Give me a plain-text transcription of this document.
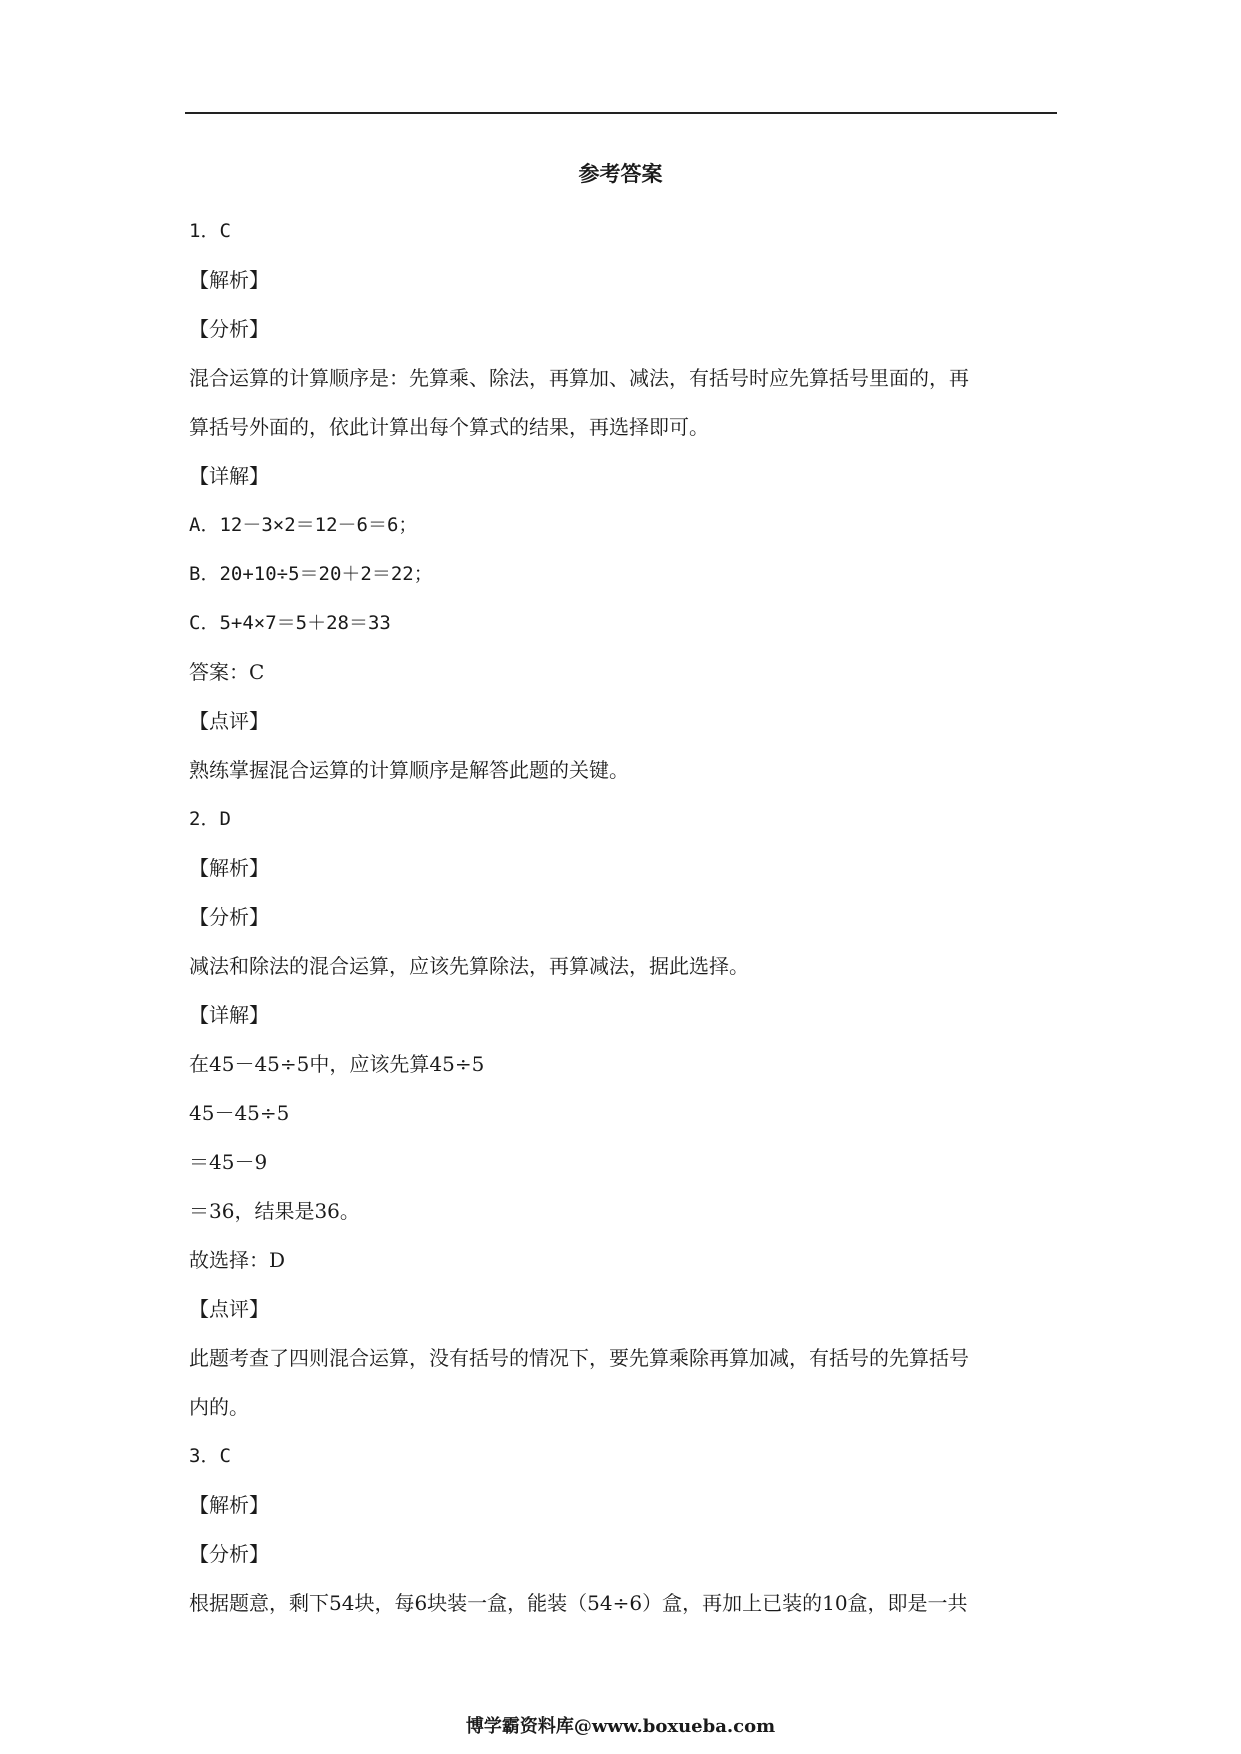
参考答案
1．C
【解析】
【分析】
混合运算的计算顺序是：先算乘、除法，再算加、减法，有括号时应先算括号里面的，再
算括号外面的，依此计算出每个算式的结果，再选择即可。
【详解】
A．12－3×2＝12－6＝6；
B．20+10÷5＝20＋2＝22；
C．5+4×7＝5＋28＝33
答案：C
【点评】
熟练掌握混合运算的计算顺序是解答此题的关键。
2．D
【解析】
【分析】
减法和除法的混合运算，应该先算除法，再算减法，据此选择。
【详解】
在45－45÷5中，应该先算45÷5
45－45÷5
＝45－9
＝36，结果是36。
故选择：D
【点评】
此题考查了四则混合运算，没有括号的情况下，要先算乘除再算加减，有括号的先算括号
内的。
3．C
【解析】
【分析】
根据题意，剩下54块，每6块装一盒，能装（54÷6）盒，再加上已装的10盒，即是一共
博学霸资料库@www.boxueba.com
